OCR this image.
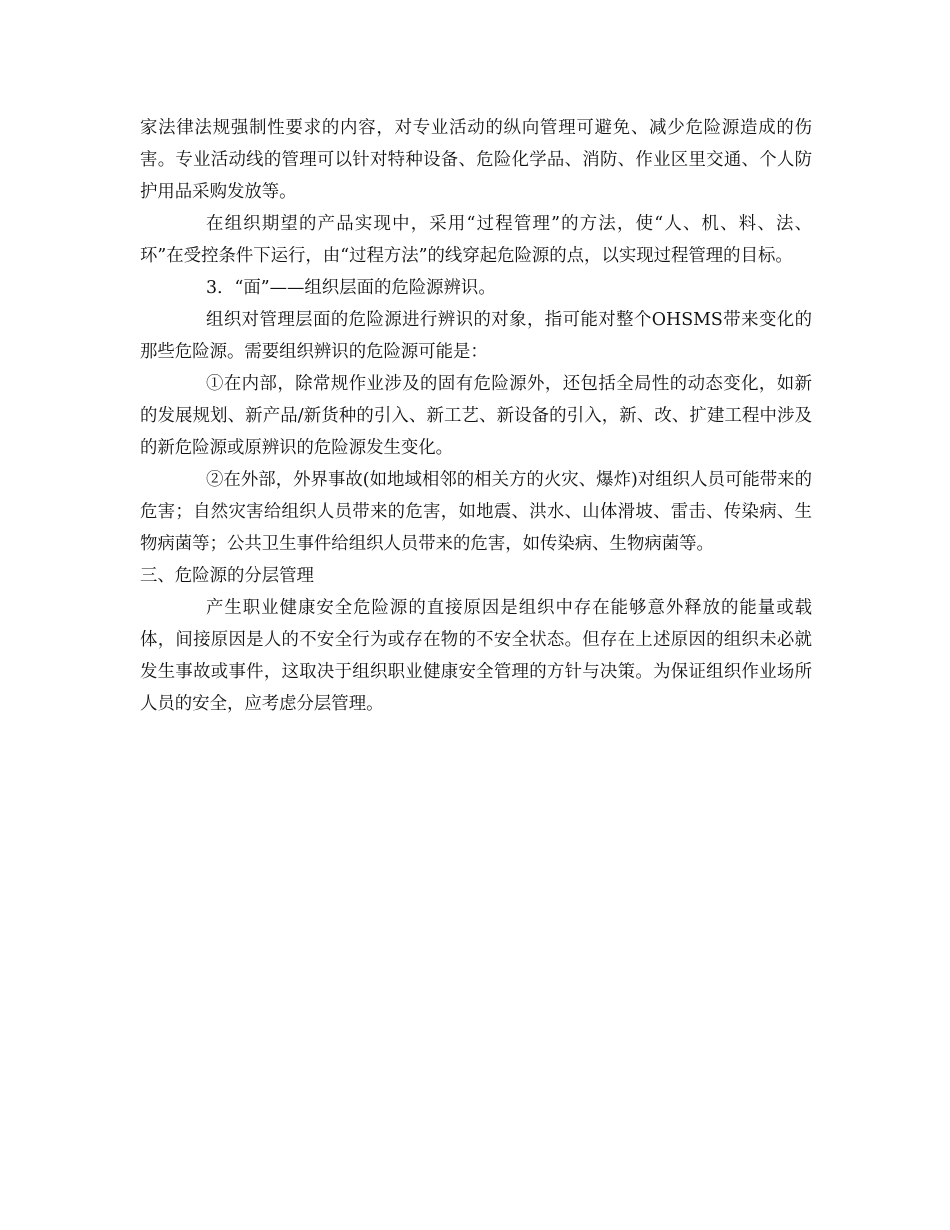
家法律法规强制性要求的内容，对专业活动的纵向管理可避免、减少危险源造成的伤害。专业活动线的管理可以针对特种设备、危险化学品、消防、作业区里交通、个人防护用品采购发放等。

在组织期望的产品实现中，采用“过程管理”的方法，使“人、机、料、法、环”在受控条件下运行，由“过程方法”的线穿起危险源的点，以实现过程管理的目标。

3．“面”——组织层面的危险源辨识。

组织对管理层面的危险源进行辨识的对象，指可能对整个OHSMS带来变化的那些危险源。需要组织辨识的危险源可能是：

①在内部，除常规作业涉及的固有危险源外，还包括全局性的动态变化，如新的发展规划、新产品/新货种的引入、新工艺、新设备的引入，新、改、扩建工程中涉及的新危险源或原辨识的危险源发生变化。

②在外部，外界事故(如地域相邻的相关方的火灾、爆炸)对组织人员可能带来的危害；自然灾害给组织人员带来的危害，如地震、洪水、山体滑坡、雷击、传染病、生物病菌等；公共卫生事件给组织人员带来的危害，如传染病、生物病菌等。

三、危险源的分层管理

产生职业健康安全危险源的直接原因是组织中存在能够意外释放的能量或载体，间接原因是人的不安全行为或存在物的不安全状态。但存在上述原因的组织未必就发生事故或事件，这取决于组织职业健康安全管理的方针与决策。为保证组织作业场所人员的安全，应考虑分层管理。
